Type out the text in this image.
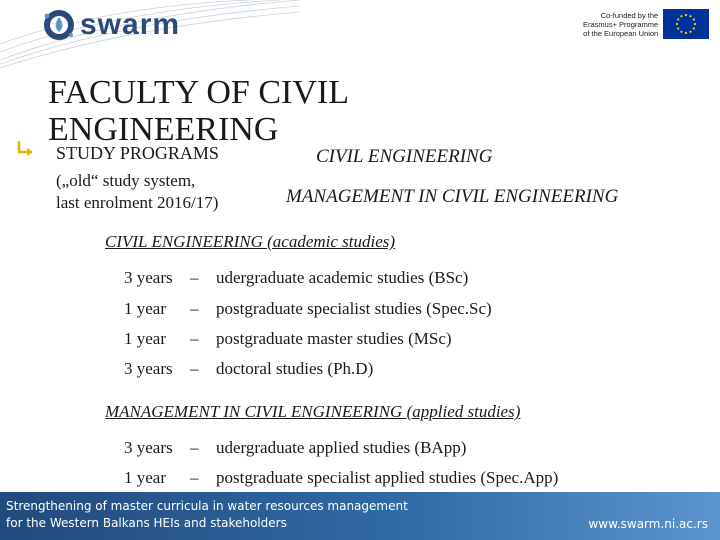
swarm	Co-funded by the
Erasmus+ Programme
of the European Union
FACULTY OF CIVIL
ENGINEERING
STUDY PROGRAMS
(„old“ study system,
last enrolment 2016/17)
CIVIL ENGINEERING
MANAGEMENT IN CIVIL ENGINEERING
CIVIL ENGINEERING (academic studies)
3 years – udergraduate academic studies (BSc)
1 year – postgraduate specialist studies (Spec.Sc)
1 year – postgraduate master studies (MSc)
3 years – doctoral studies (Ph.D)
MANAGEMENT IN CIVIL ENGINEERING (applied studies)
3 years – udergraduate applied studies (BApp)
1 year – postgraduate specialist applied studies (Spec.App)
Strengthening of master curricula in water resources management
for the Western Balkans HEIs and stakeholders	www.swarm.ni.ac.rs
